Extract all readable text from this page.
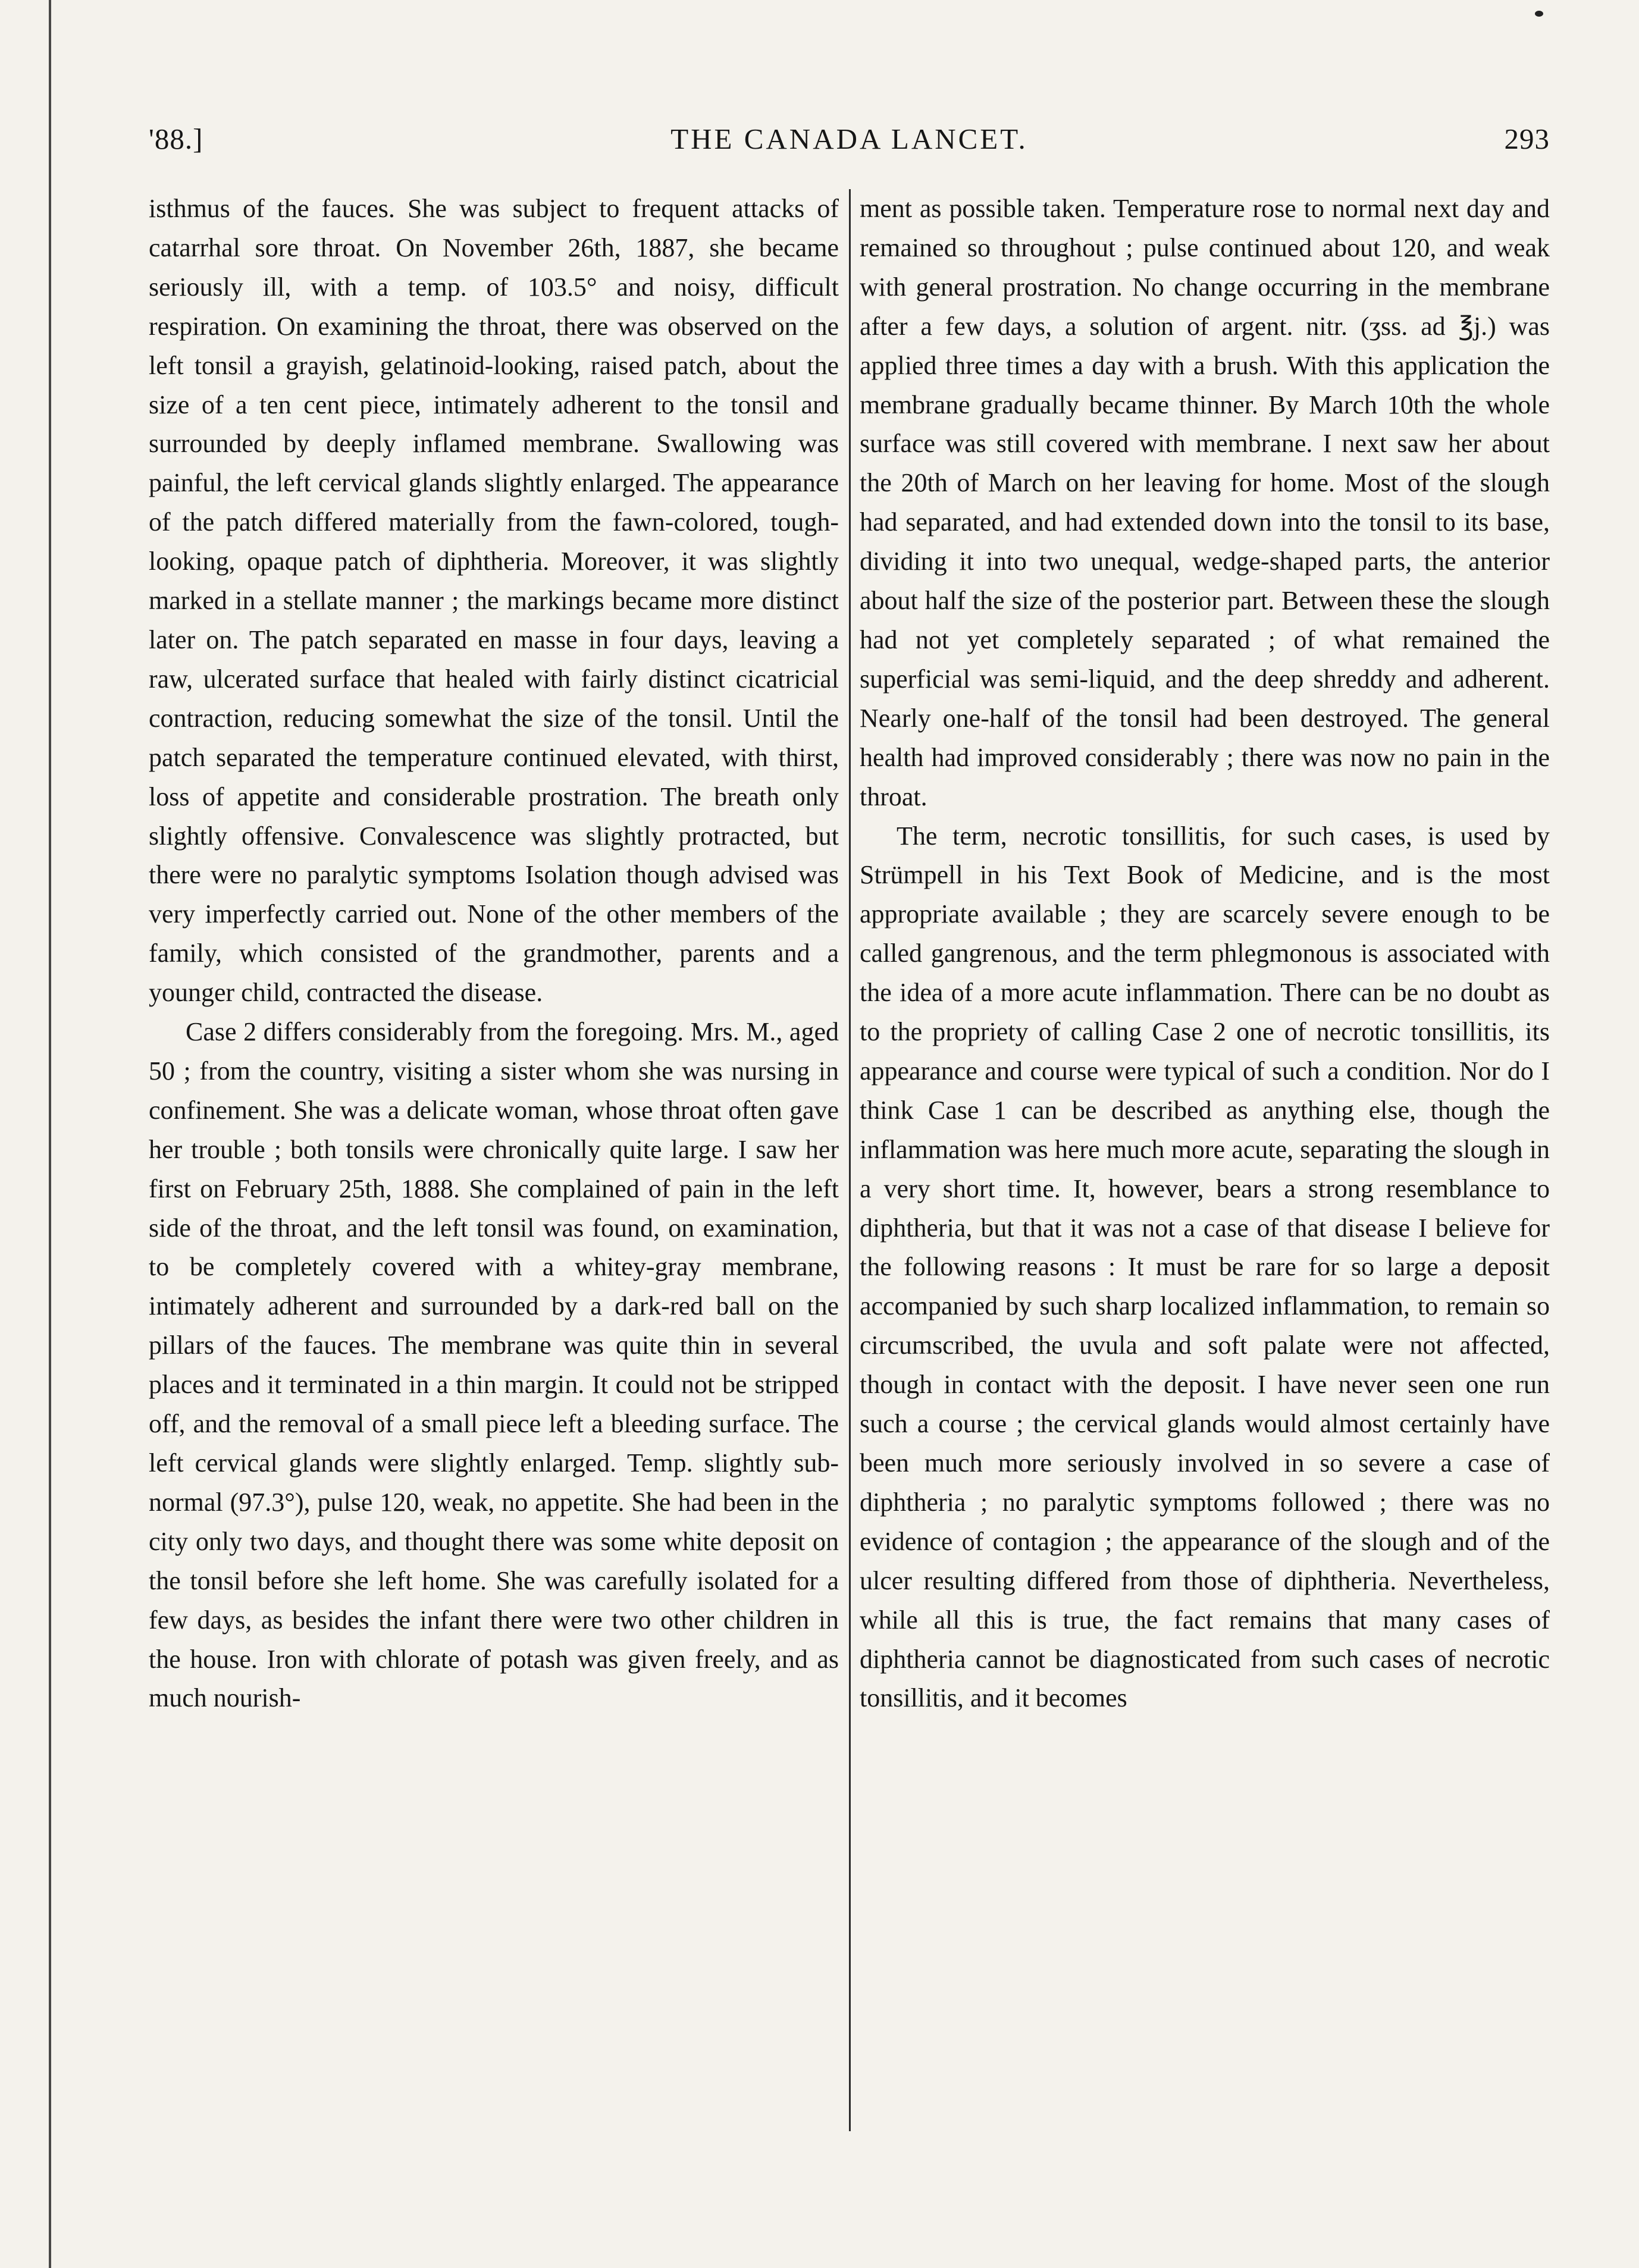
'88.]	THE CANADA LANCET.	293

isthmus of the fauces. She was subject to frequent attacks of catarrhal sore throat. On November 26th, 1887, she became seriously ill, with a temp. of 103.5° and noisy, difficult respiration. On examining the throat, there was observed on the left tonsil a grayish, gelatinoid-looking, raised patch, about the size of a ten cent piece, intimately adherent to the tonsil and surrounded by deeply inflamed membrane. Swallowing was painful, the left cervical glands slightly enlarged. The appearance of the patch differed materially from the fawn-colored, tough-looking, opaque patch of diphtheria. Moreover, it was slightly marked in a stellate manner ; the markings became more distinct later on. The patch separated en masse in four days, leaving a raw, ulcerated surface that healed with fairly distinct cicatricial contraction, reducing somewhat the size of the tonsil. Until the patch separated the temperature continued elevated, with thirst, loss of appetite and considerable prostration. The breath only slightly offensive. Convalescence was slightly protracted, but there were no paralytic symptoms Isolation though advised was very imperfectly carried out. None of the other members of the family, which consisted of the grandmother, parents and a younger child, contracted the disease.

Case 2 differs considerably from the foregoing. Mrs. M., aged 50 ; from the country, visiting a sister whom she was nursing in confinement. She was a delicate woman, whose throat often gave her trouble ; both tonsils were chronically quite large. I saw her first on February 25th, 1888. She complained of pain in the left side of the throat, and the left tonsil was found, on examination, to be completely covered with a whitey-gray membrane, intimately adherent and surrounded by a dark-red ball on the pillars of the fauces. The membrane was quite thin in several places and it terminated in a thin margin. It could not be stripped off, and the removal of a small piece left a bleeding surface. The left cervical glands were slightly enlarged. Temp. slightly sub-normal (97.3°), pulse 120, weak, no appetite. She had been in the city only two days, and thought there was some white deposit on the tonsil before she left home. She was carefully isolated for a few days, as besides the infant there were two other children in the house. Iron with chlorate of potash was given freely, and as much nourish-

ment as possible taken. Temperature rose to normal next day and remained so throughout ; pulse continued about 120, and weak with general prostration. No change occurring in the membrane after a few days, a solution of argent. nitr. (ʒss. ad ℥j.) was applied three times a day with a brush. With this application the membrane gradually became thinner. By March 10th the whole surface was still covered with membrane. I next saw her about the 20th of March on her leaving for home. Most of the slough had separated, and had extended down into the tonsil to its base, dividing it into two unequal, wedge-shaped parts, the anterior about half the size of the posterior part. Between these the slough had not yet completely separated ; of what remained the superficial was semi-liquid, and the deep shreddy and adherent. Nearly one-half of the tonsil had been destroyed. The general health had improved considerably ; there was now no pain in the throat.

The term, necrotic tonsillitis, for such cases, is used by Strümpell in his Text Book of Medicine, and is the most appropriate available ; they are scarcely severe enough to be called gangrenous, and the term phlegmonous is associated with the idea of a more acute inflammation. There can be no doubt as to the propriety of calling Case 2 one of necrotic tonsillitis, its appearance and course were typical of such a condition. Nor do I think Case 1 can be described as anything else, though the inflammation was here much more acute, separating the slough in a very short time. It, however, bears a strong resemblance to diphtheria, but that it was not a case of that disease I believe for the following reasons : It must be rare for so large a deposit accompanied by such sharp localized inflammation, to remain so circumscribed, the uvula and soft palate were not affected, though in contact with the deposit. I have never seen one run such a course ; the cervical glands would almost certainly have been much more seriously involved in so severe a case of diphtheria ; no paralytic symptoms followed ; there was no evidence of contagion ; the appearance of the slough and of the ulcer resulting differed from those of diphtheria. Nevertheless, while all this is true, the fact remains that many cases of diphtheria cannot be diagnosticated from such cases of necrotic tonsillitis, and it becomes
